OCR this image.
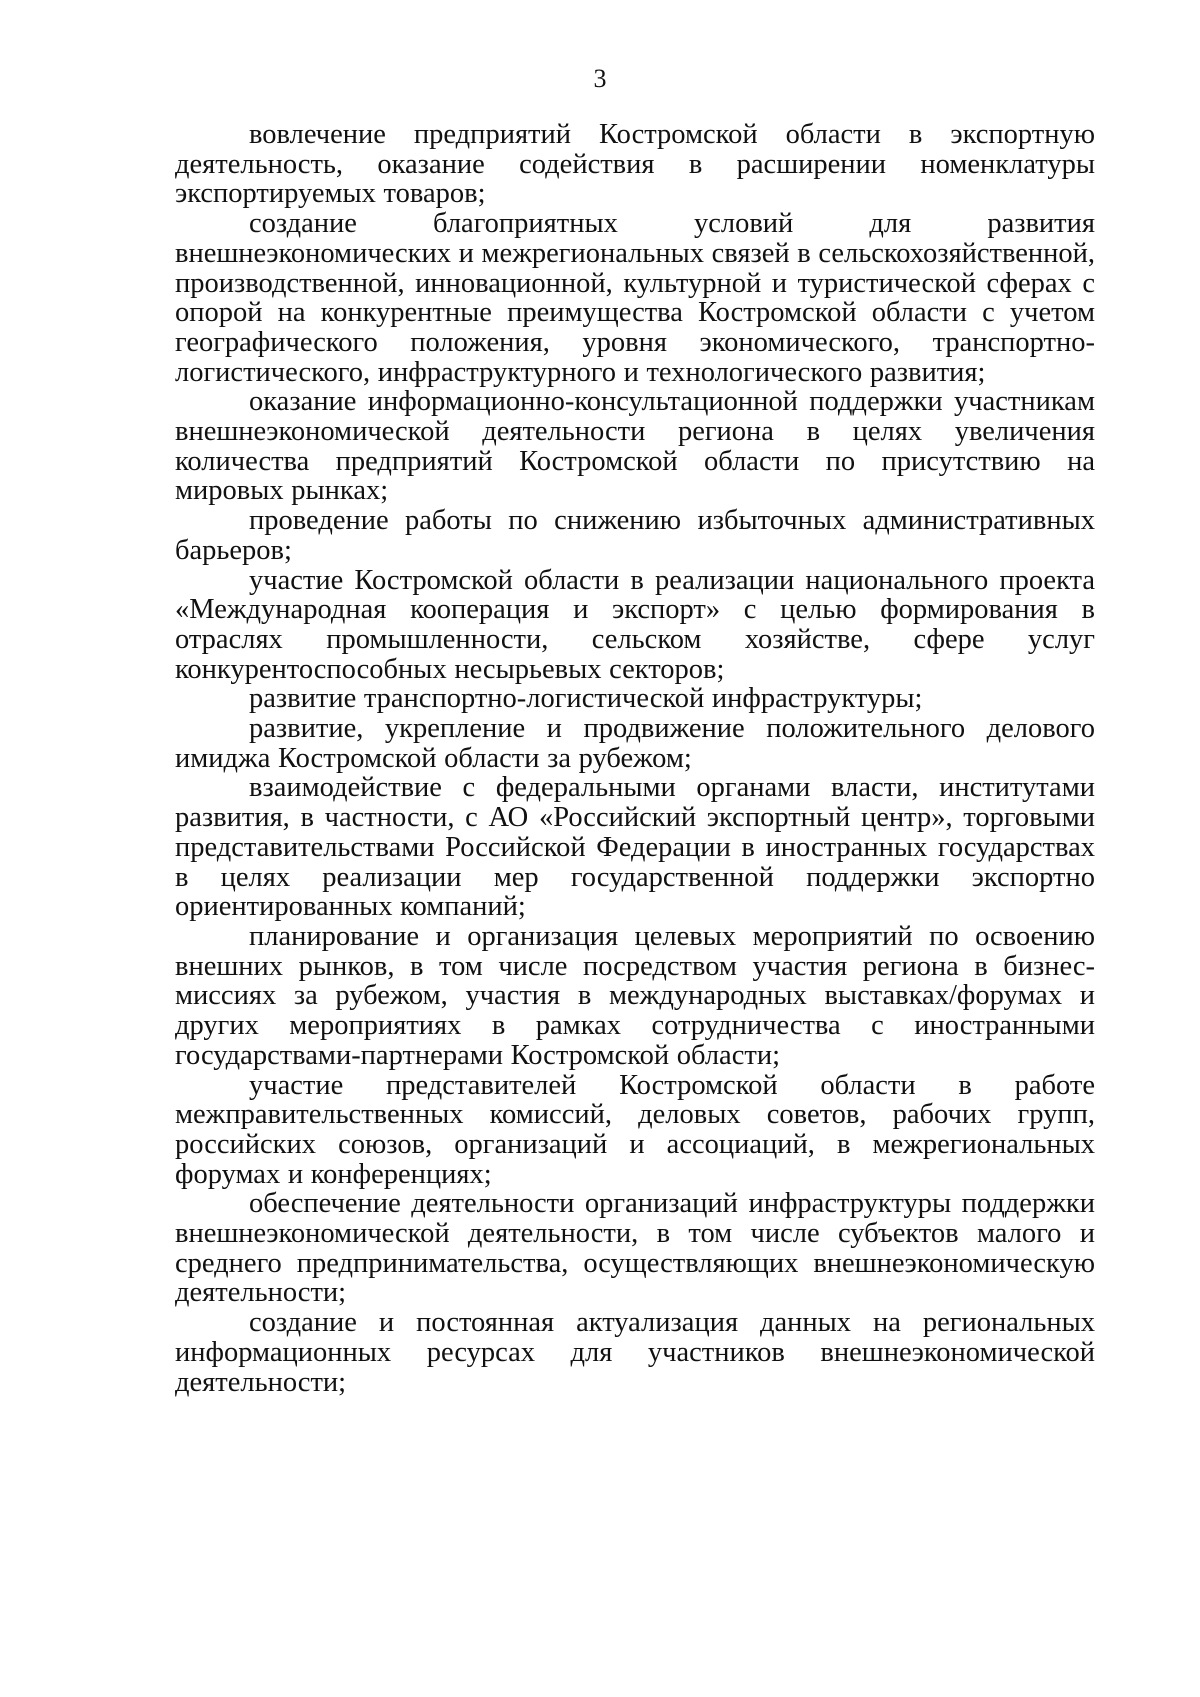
3

вовлечение предприятий Костромской области в экспортную деятельность, оказание содействия в расширении номенклатуры экспортируемых товаров;

создание благоприятных условий для развития внешнеэкономических и межрегиональных связей в сельскохозяйственной, производственной, инновационной, культурной и туристической сферах с опорой на конкурентные преимущества Костромской области с учетом географического положения, уровня экономического, транспортно-логистического, инфраструктурного и технологического развития;

оказание информационно-консультационной поддержки участникам внешнеэкономической деятельности региона в целях увеличения количества предприятий Костромской области по присутствию на мировых рынках;

проведение работы по снижению избыточных административных барьеров;

участие Костромской области в реализации национального проекта «Международная кооперация и экспорт» с целью формирования в отраслях промышленности, сельском хозяйстве, сфере услуг конкурентоспособных несырьевых секторов;

развитие транспортно-логистической инфраструктуры;

развитие, укрепление и продвижение положительного делового имиджа Костромской области за рубежом;

взаимодействие с федеральными органами власти, институтами развития, в частности, с АО «Российский экспортный центр», торговыми представительствами Российской Федерации в иностранных государствах в целях реализации мер государственной поддержки экспортно ориентированных компаний;

планирование и организация целевых мероприятий по освоению внешних рынков, в том числе посредством участия региона в бизнес-миссиях за рубежом, участия в международных выставках/форумах и других мероприятиях в рамках сотрудничества с иностранными государствами-партнерами Костромской области;

участие представителей Костромской области в работе межправительственных комиссий, деловых советов, рабочих групп, российских союзов, организаций и ассоциаций, в межрегиональных форумах и конференциях;

обеспечение деятельности организаций инфраструктуры поддержки внешнеэкономической деятельности, в том числе субъектов малого и среднего предпринимательства, осуществляющих внешнеэкономическую деятельности;

создание и постоянная актуализация данных на региональных информационных ресурсах для участников внешнеэкономической деятельности;
